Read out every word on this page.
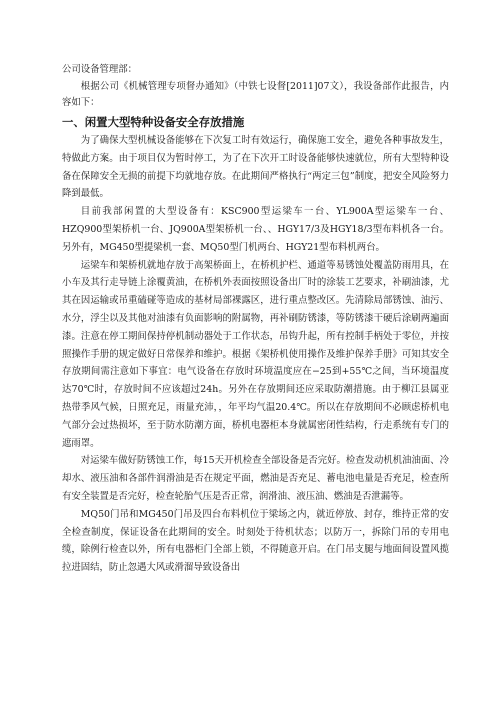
公司设备管理部：

根据公司《机械管理专项督办通知》（中铁七设督[2011]07文），我设备部作此报告，内容如下：

一、闲置大型特种设备安全存放措施

为了确保大型机械设备能够在下次复工时有效运行，确保施工安全，避免各种事故发生，特做此方案。由于项目仅为暂时停工，为了在下次开工时设备能够快速就位，所有大型特种设备在保障安全无损的前提下均就地存放。在此期间严格执行“两定三包”制度，把安全风险努力降到最低。

目前我部闲置的大型设备有：KSC900型运梁车一台、YL900A型运梁车一台、HZQ900型架桥机一台、JQ900A型架桥机一台、、HGY17/3及HGY18/3型布料机各一台。另外有，MG450型提梁机一套、MQ50型门机两台、HGY21型布料机两台。

运梁车和架桥机就地存放于高架桥面上，在桥机护栏、通道等易锈蚀处覆盖防雨用具，在小车及其行走导链上涂覆黄油，在桥机外表面按照设备出厂时的涂装工艺要求，补刷油漆，尤其在因运输或吊重磕碰等造成的基材局部裸露区，进行重点整改区。先清除局部锈蚀、油污、水分，浮尘以及其他对油漆有负面影响的附属物，再补刷防锈漆，等防锈漆干硬后涂刷两遍面漆。注意在停工期间保持停机制动器处于工作状态，吊钩升起，所有控制手柄处于零位，并按照操作手册的规定做好日常保养和维护。根据《架桥机使用操作及维护保养手册》可知其安全存放期间需注意如下事宜：电气设备在存放时环境温度应在−25到+55℃之间，当环境温度达70℃时，存放时间不应该超过24h。另外在存放期间还应采取防潮措施。由于柳江县属亚热带季风气候，日照充足，雨量充沛，，年平均气温20.4℃。所以在存放期间不必顾虑桥机电气部分会过热损坏，至于防水防潮方面，桥机电器柜本身就属密闭性结构，行走系统有专门的遮雨罩。

对运梁车做好防锈蚀工作，每15天开机检查全部设备是否完好。检查发动机机油油面、冷却水、液压油和各部件润滑油是否在规定平面，燃油是否充足、蓄电池电量是否充足，检查所有安全装置是否完好，检查轮胎气压是否正常，润滑油、液压油、燃油是否泄漏等。

MQ50门吊和MG450门吊及四台布料机位于梁场之内，就近停放、封存，维持正常的安全检查制度，保证设备在此期间的安全。时刻处于待机状态；以防万一，拆除门吊的专用电缆，除例行检查以外，所有电器柜门全部上锁，不得随意开启。在门吊支腿与地面间设置风揽拉进固结，防止忽遇大风或滑溜导致设备出
